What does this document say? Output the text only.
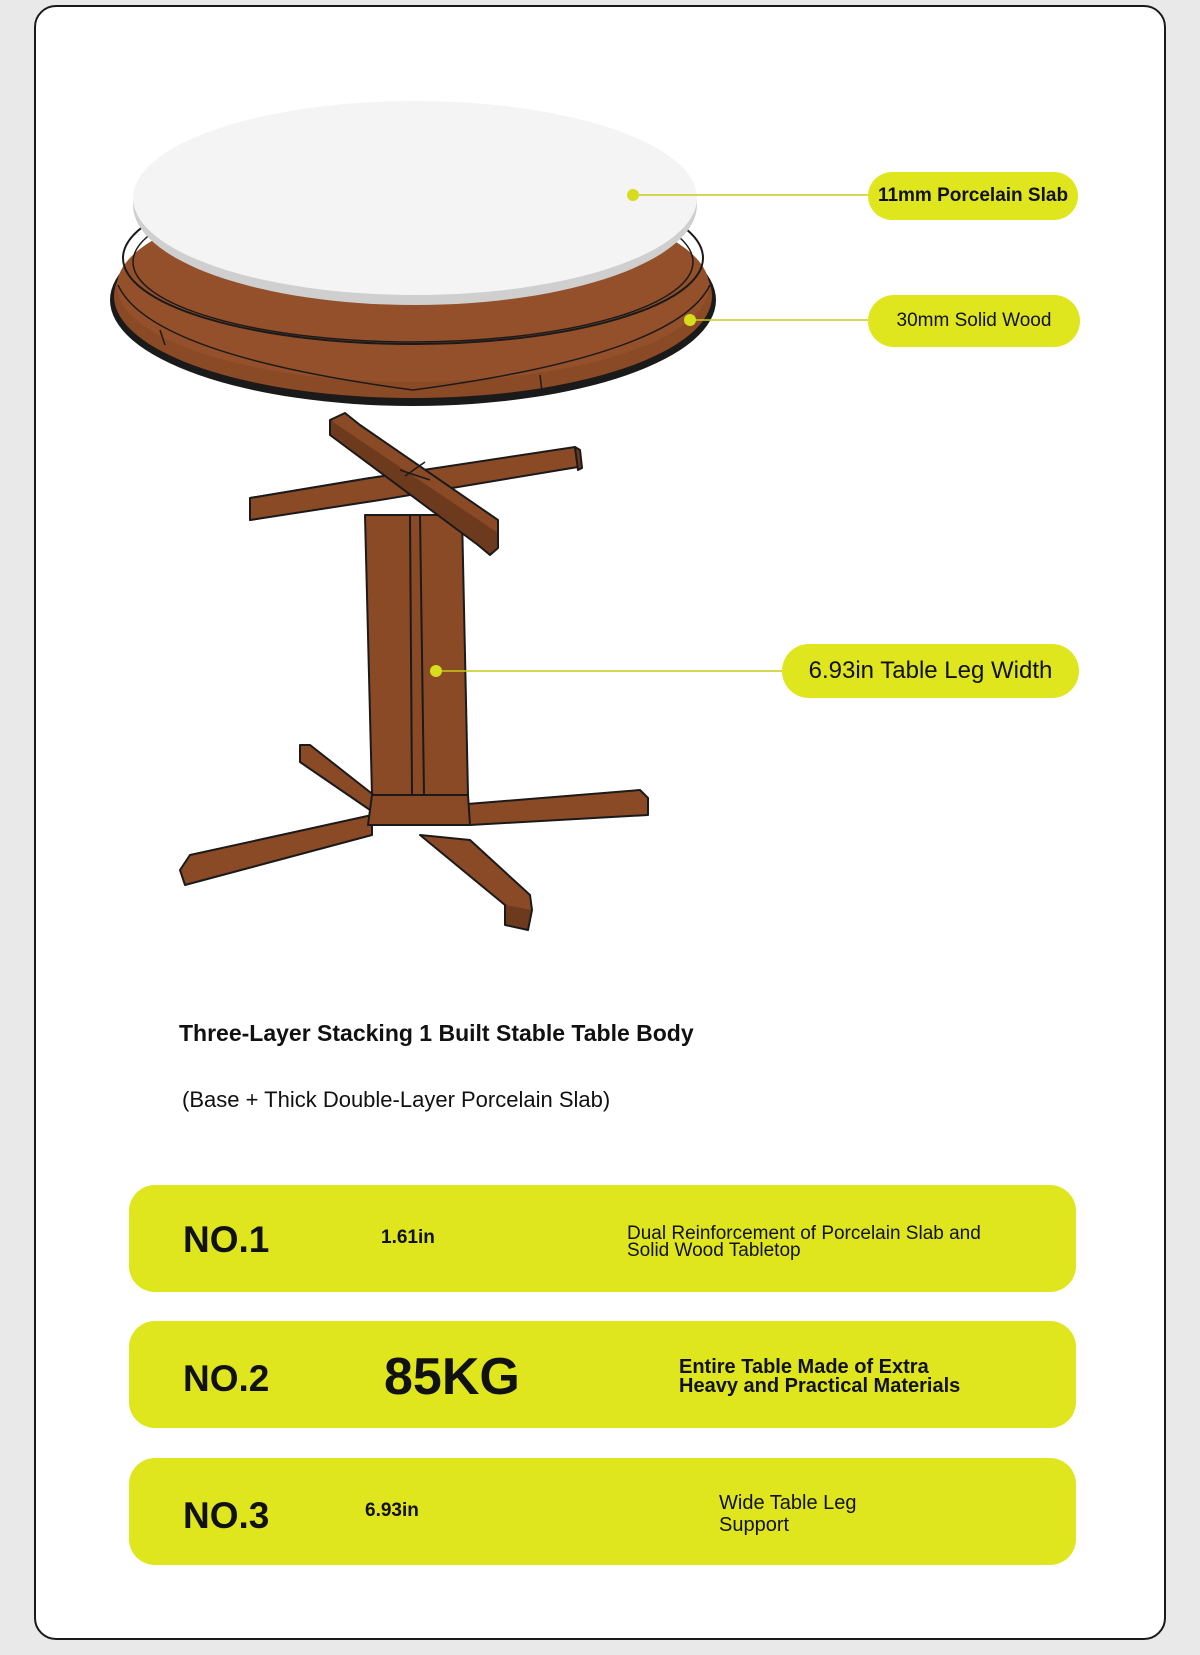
11mm Porcelain Slab
30mm Solid Wood
6.93in Table Leg Width
Three-Layer Stacking 1 Built Stable Table Body
(Base + Thick Double-Layer Porcelain Slab)
NO.1	1.61in	Dual Reinforcement of Porcelain Slab and
Solid Wood Tabletop
NO.2 85KG	Entire Table Made of Extra
Heavy and Practical Materials
NO.3	6.93in	Wide Table Leg
Support
